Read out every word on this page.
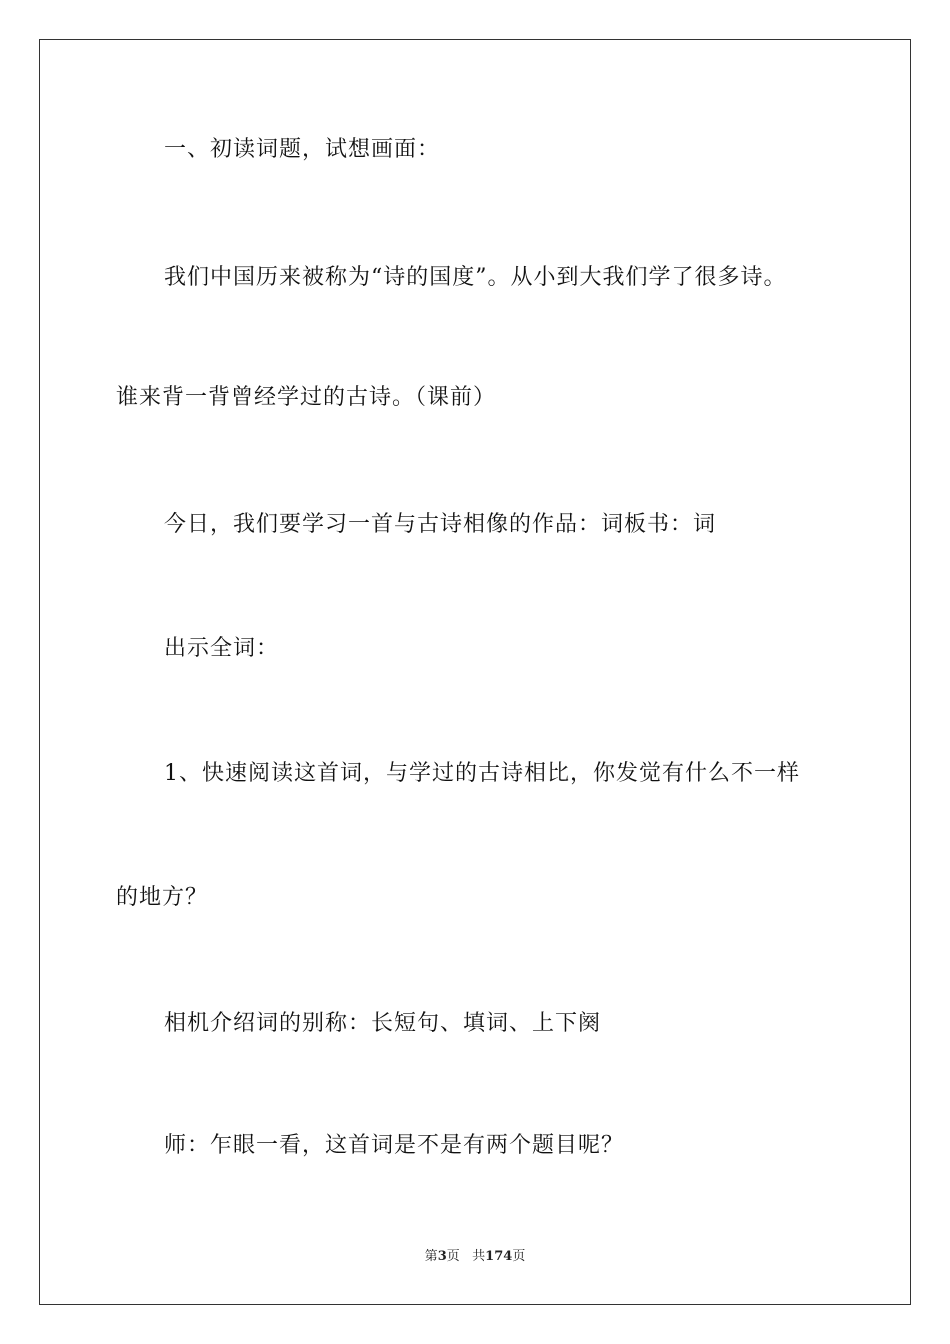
一、初读词题，试想画面：
我们中国历来被称为“诗的国度”。从小到大我们学了很多诗。
谁来背一背曾经学过的古诗。（课前）
今日，我们要学习一首与古诗相像的作品：词板书：词
出示全词：
1、快速阅读这首词，与学过的古诗相比，你发觉有什么不一样
的地方？
相机介绍词的别称：长短句、填词、上下阕
师：乍眼一看，这首词是不是有两个题目呢？
第3页 共174页
